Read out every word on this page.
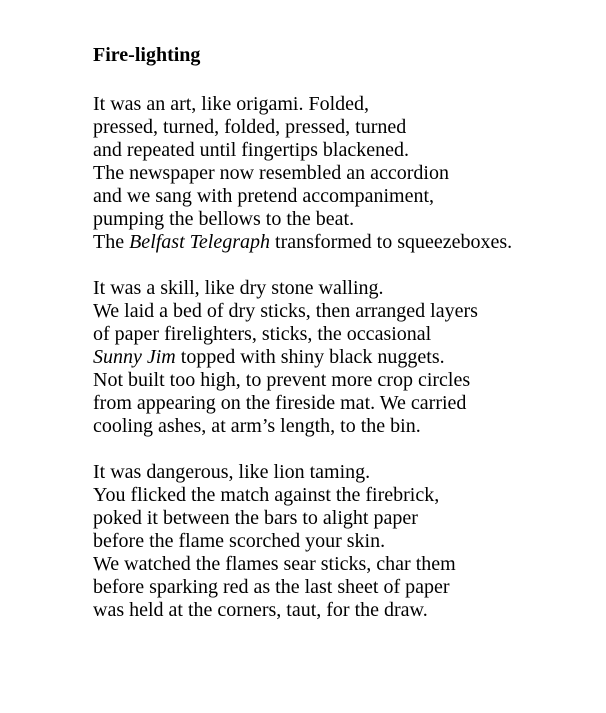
Fire-lighting
It was an art, like origami. Folded,
pressed, turned, folded, pressed, turned
and repeated until fingertips blackened.
The newspaper now resembled an accordion
and we sang with pretend accompaniment,
pumping the bellows to the beat.
The Belfast Telegraph transformed to squeezeboxes.
It was a skill, like dry stone walling.
We laid a bed of dry sticks, then arranged layers
of paper firelighters, sticks, the occasional
Sunny Jim topped with shiny black nuggets.
Not built too high, to prevent more crop circles
from appearing on the fireside mat. We carried
cooling ashes, at arm’s length, to the bin.
It was dangerous, like lion taming.
You flicked the match against the firebrick,
poked it between the bars to alight paper
before the flame scorched your skin.
We watched the flames sear sticks, char them
before sparking red as the last sheet of paper
was held at the corners, taut, for the draw.
